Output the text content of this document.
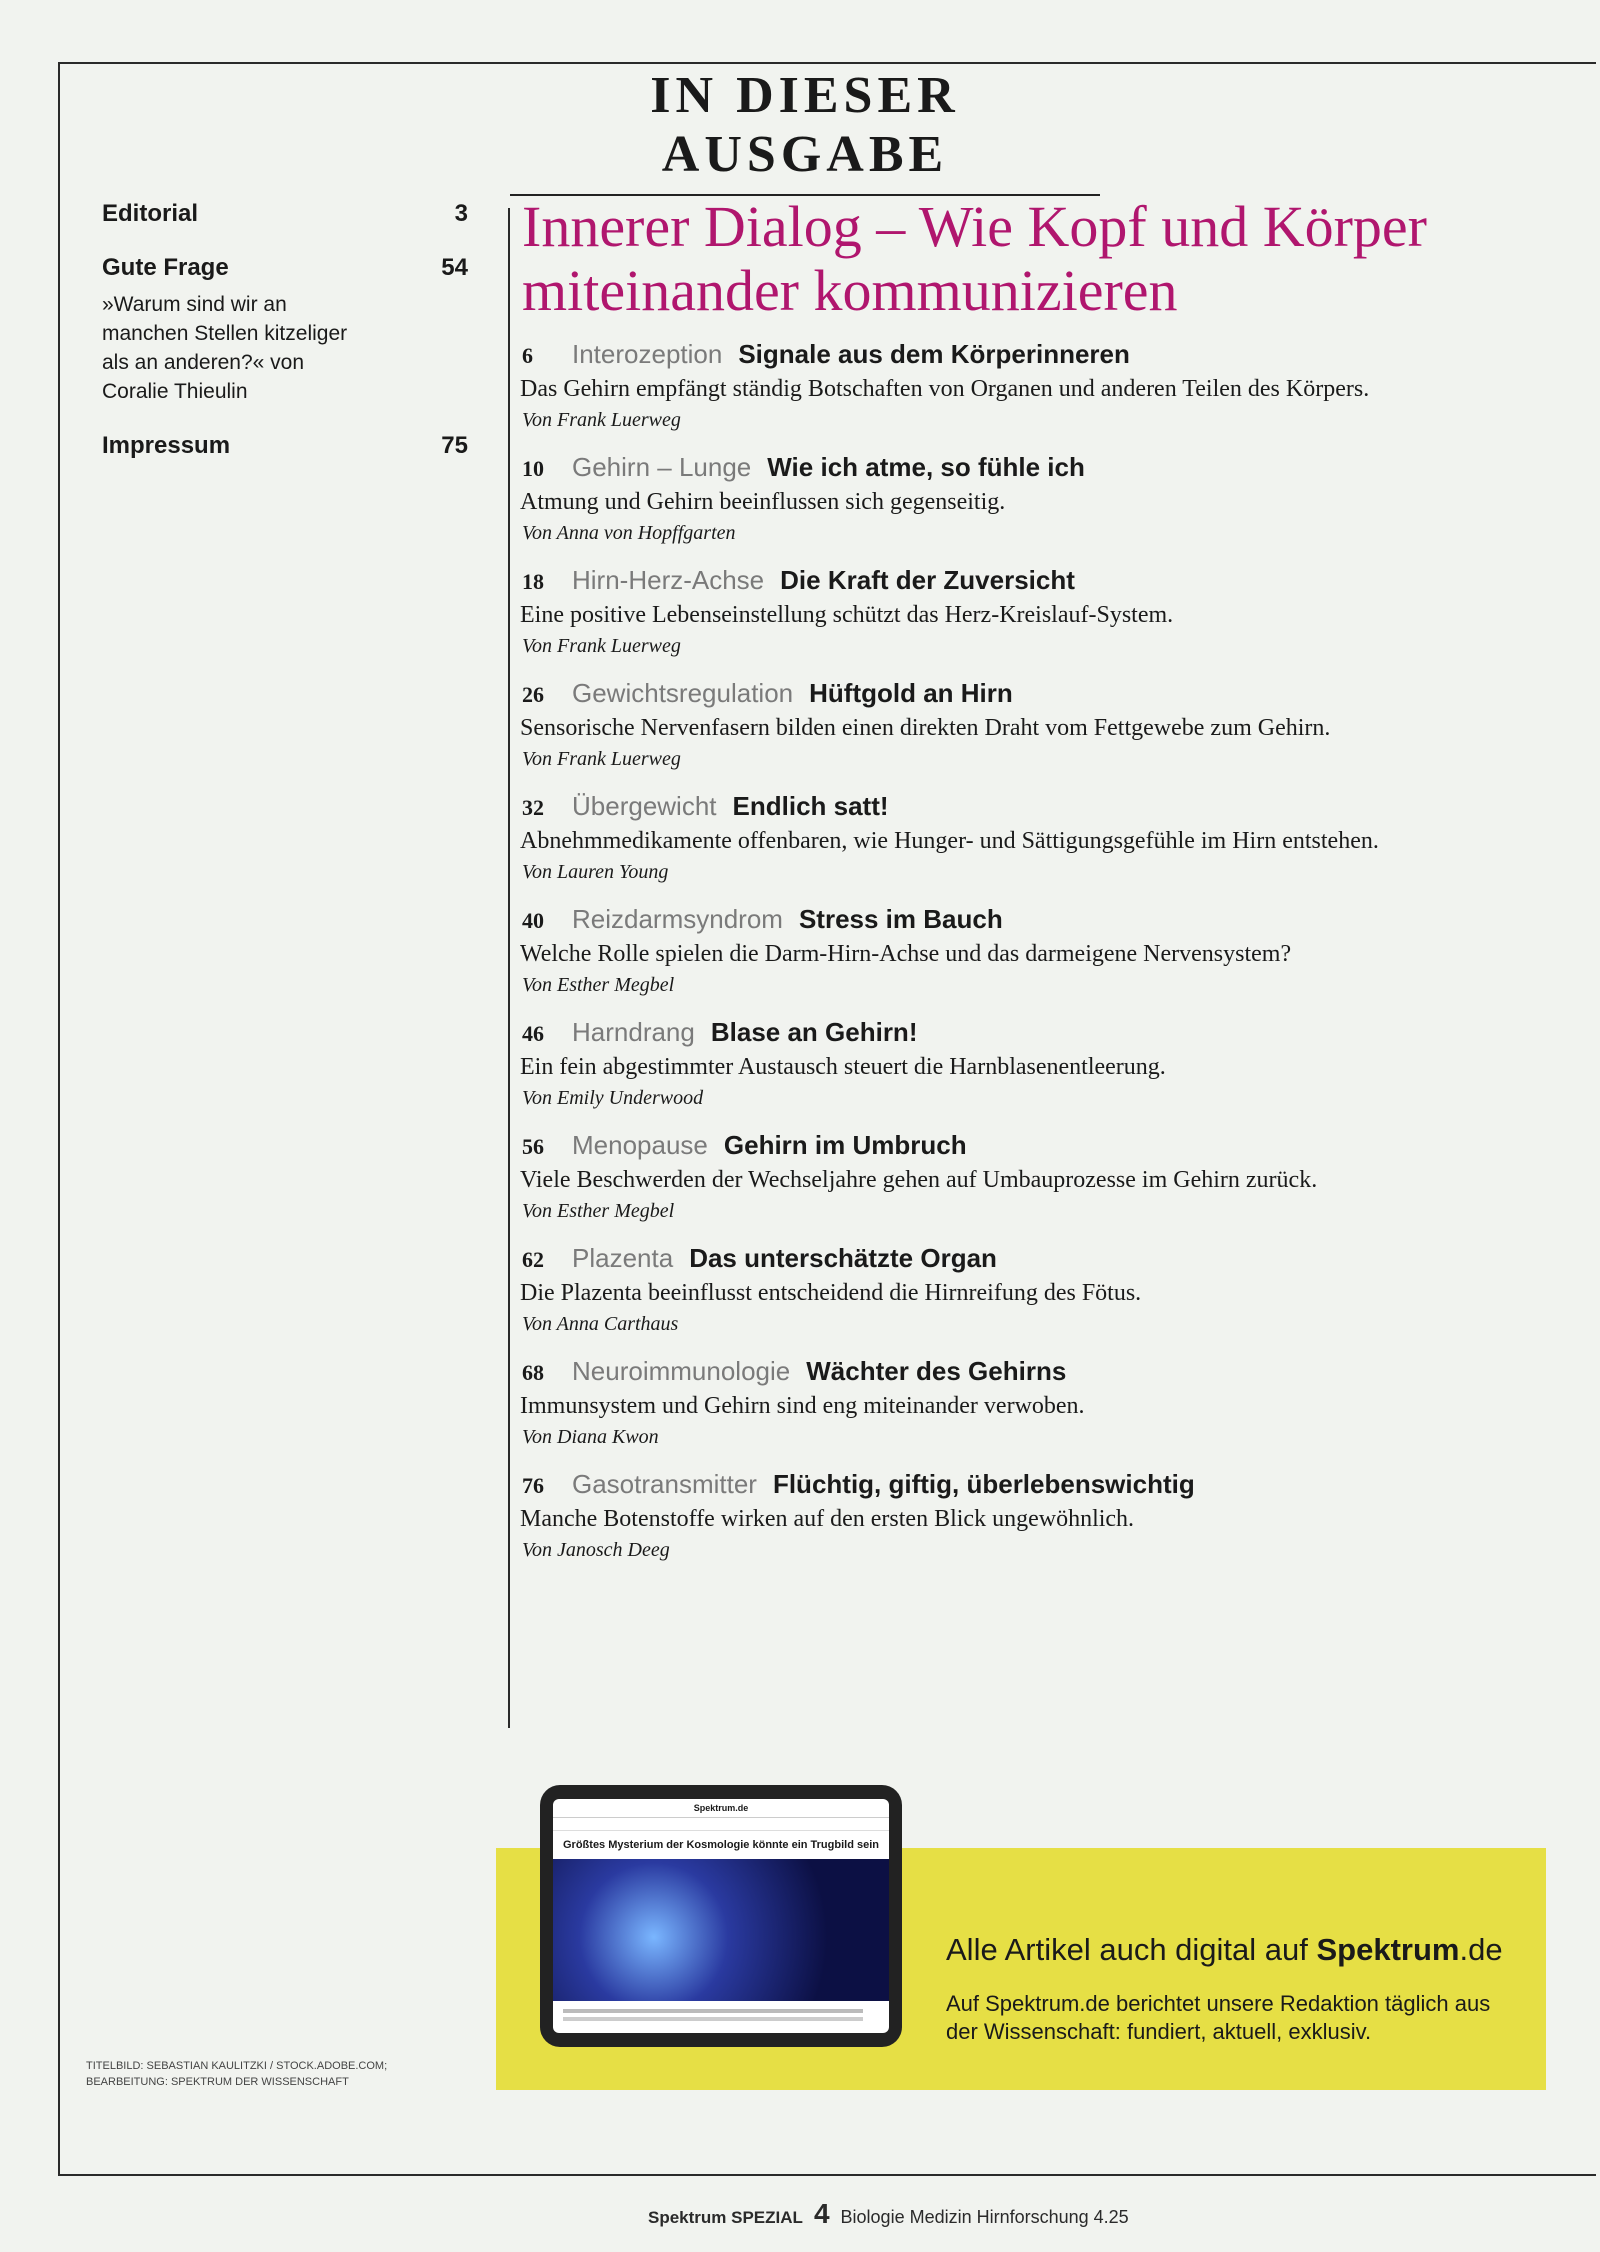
IN DIESER AUSGABE
Editorial	3
Gute Frage	54
»Warum sind wir an manchen Stellen kitzeliger als an anderen?« von Coralie Thieulin
Impressum	75
Innerer Dialog – Wie Kopf und Körper miteinander kommunizieren
6	Interozeption Signale aus dem Körperinneren
Das Gehirn empfängt ständig Botschaften von Organen und anderen Teilen des Körpers.
Von Frank Luerweg
10	Gehirn – Lunge Wie ich atme, so fühle ich
Atmung und Gehirn beeinflussen sich gegenseitig.
Von Anna von Hopffgarten
18	Hirn-Herz-Achse Die Kraft der Zuversicht
Eine positive Lebenseinstellung schützt das Herz-Kreislauf-System.
Von Frank Luerweg
26	Gewichtsregulation Hüftgold an Hirn
Sensorische Nervenfasern bilden einen direkten Draht vom Fettgewebe zum Gehirn.
Von Frank Luerweg
32	Übergewicht Endlich satt!
Abnehmmedikamente offenbaren, wie Hunger- und Sättigungsgefühle im Hirn entstehen.
Von Lauren Young
40	Reizdarmsyndrom Stress im Bauch
Welche Rolle spielen die Darm-Hirn-Achse und das darmeigene Nervensystem?
Von Esther Megbel
46	Harndrang Blase an Gehirn!
Ein fein abgestimmter Austausch steuert die Harnblasenentleerung.
Von Emily Underwood
56	Menopause Gehirn im Umbruch
Viele Beschwerden der Wechseljahre gehen auf Umbauprozesse im Gehirn zurück.
Von Esther Megbel
62	Plazenta Das unterschätzte Organ
Die Plazenta beeinflusst entscheidend die Hirnreifung des Fötus.
Von Anna Carthaus
68	Neuroimmunologie Wächter des Gehirns
Immunsystem und Gehirn sind eng miteinander verwoben.
Von Diana Kwon
76	Gasotransmitter Flüchtig, giftig, überlebenswichtig
Manche Botenstoffe wirken auf den ersten Blick ungewöhnlich.
Von Janosch Deeg
Spektrum.de
Größtes Mysterium der Kosmologie könnte ein Trugbild sein
Alle Artikel auch digital auf Spektrum.de
Auf Spektrum.de berichtet unsere Redaktion täglich aus der Wissenschaft: fundiert, aktuell, exklusiv.
TITELBILD: SEBASTIAN KAULITZKI / STOCK.ADOBE.COM;
BEARBEITUNG: SPEKTRUM DER WISSENSCHAFT
Spektrum SPEZIAL 4 Biologie Medizin Hirnforschung 4.25
